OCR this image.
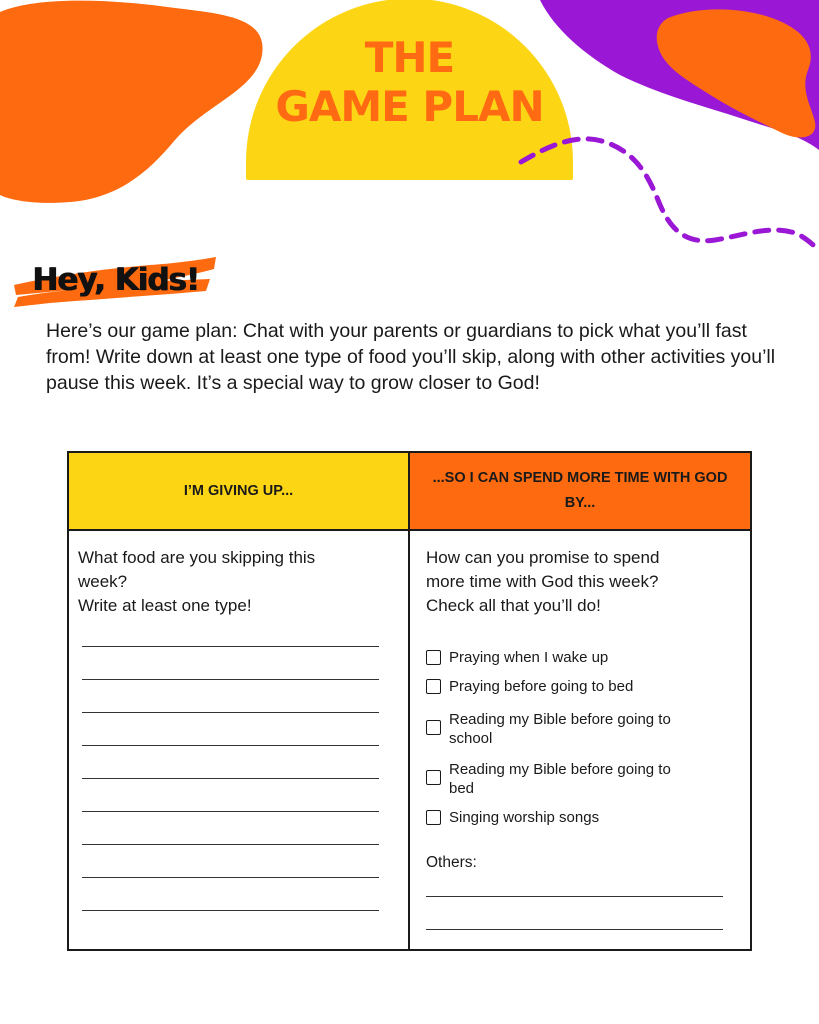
THE
GAME PLAN
Hey, Kids!
Here’s our game plan: Chat with your parents or guardians to pick what you’ll fast from! Write down at least one type of food you’ll skip, along with other activities you’ll pause this week. It’s a special way to grow closer to God!
I’M GIVING UP...
...SO I CAN SPEND MORE TIME WITH GOD BY...
What food are you skipping this
week?
Write at least one type!
How can you promise to spend
more time with God this week?
Check all that you’ll do!
Praying when I wake up
Praying before going to bed
Reading my Bible before going to school
Reading my Bible before going to bed
Singing worship songs
Others:
